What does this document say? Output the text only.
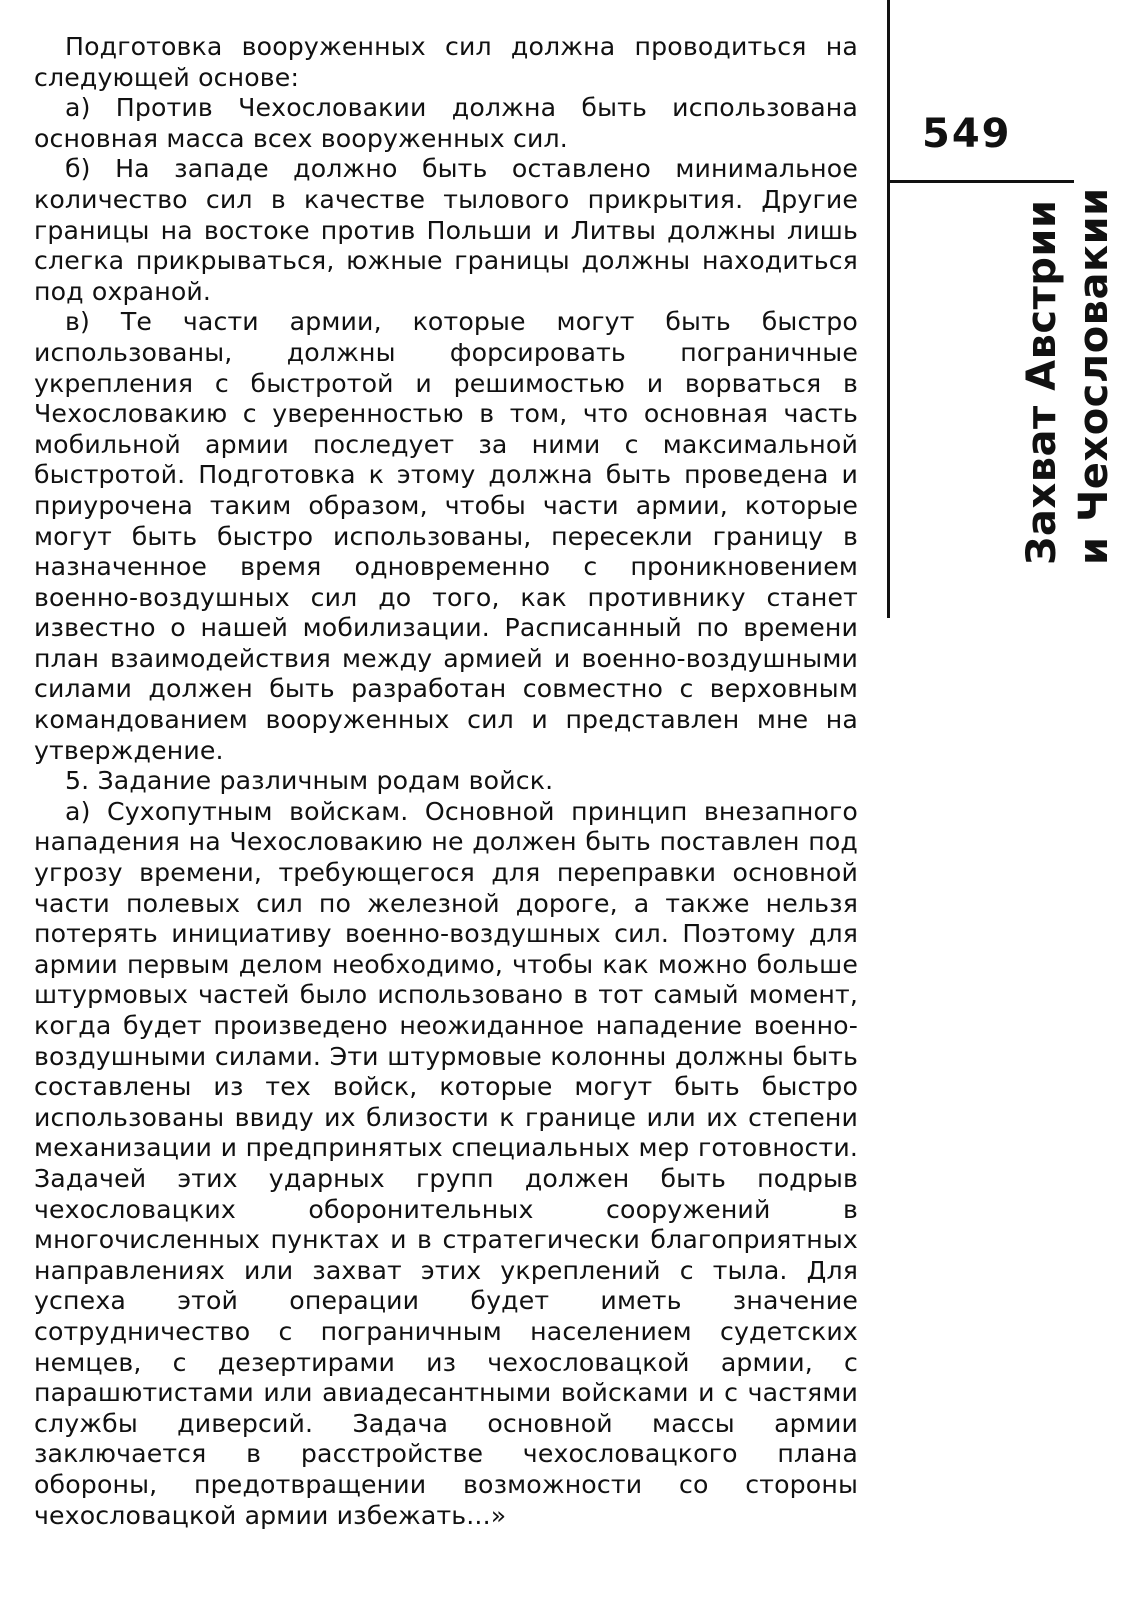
Подготовка вооруженных сил должна проводиться на следующей основе:

а) Против Чехословакии должна быть использована основная масса всех вооруженных сил.

б) На западе должно быть оставлено минимальное количество сил в качестве тылового прикрытия. Другие границы на востоке против Польши и Литвы должны лишь слегка прикрываться, южные границы должны находиться под охраной.

в) Те части армии, которые могут быть быстро использованы, должны форсировать пограничные укрепления с быстротой и решимостью и ворваться в Чехословакию с уверенностью в том, что основная часть мобильной армии последует за ними с максимальной быстротой. Подготовка к этому должна быть проведена и приурочена таким образом, чтобы части армии, которые могут быть быстро использованы, пересекли границу в назначенное время одновременно с проникновением военно-воздушных сил до того, как противнику станет известно о нашей мобилизации. Расписанный по времени план взаимодействия между армией и военно-воздушными силами должен быть разработан совместно с верховным командованием вооруженных сил и представлен мне на утверждение.

5. Задание различным родам войск.

а) Сухопутным войскам. Основной принцип внезапного нападения на Чехословакию не должен быть поставлен под угрозу времени, требующегося для переправки основной части полевых сил по железной дороге, а также нельзя потерять инициативу военно-воздушных сил. Поэтому для армии первым делом необходимо, чтобы как можно больше штурмовых частей было использовано в тот самый момент, когда будет произведено неожиданное нападение военно-воздушными силами. Эти штурмовые колонны должны быть составлены из тех войск, которые могут быть быстро использованы ввиду их близости к границе или их степени механизации и предпринятых специальных мер готовности. Задачей этих ударных групп должен быть подрыв чехословацких оборонительных сооружений в многочисленных пунктах и в стратегически благоприятных направлениях или захват этих укреплений с тыла. Для успеха этой операции будет иметь значение сотрудничество с пограничным населением судетских немцев, с дезертирами из чехословацкой армии, с парашютистами или авиадесантными войсками и с частями службы диверсий. Задача основной массы армии заключается в расстройстве чехословацкого плана обороны, предотвращении возможности со стороны чехословацкой армии избежать...»

549
Захват Австрии и Чехословакии
